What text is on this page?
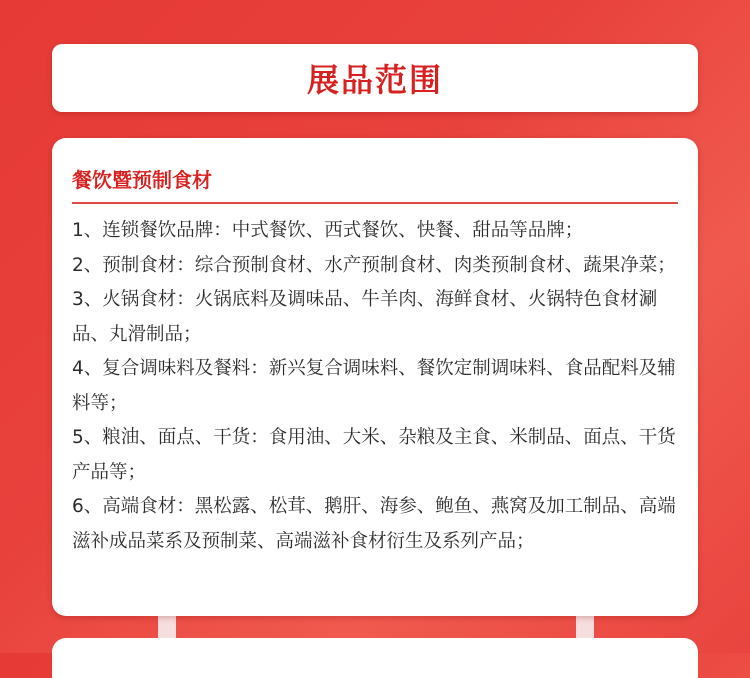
展品范围
餐饮暨预制食材

1、连锁餐饮品牌：中式餐饮、西式餐饮、快餐、甜品等品牌；

2、预制食材：综合预制食材、水产预制食材、肉类预制食材、蔬果净菜；

3、火锅食材：火锅底料及调味品、牛羊肉、海鲜食材、火锅特色食材涮品、丸滑制品；

4、复合调味料及餐料：新兴复合调味料、餐饮定制调味料、食品配料及辅料等；

5、粮油、面点、干货：食用油、大米、杂粮及主食、米制品、面点、干货产品等；

6、高端食材：黑松露、松茸、鹅肝、海参、鲍鱼、燕窝及加工制品、高端滋补成品菜系及预制菜、高端滋补食材衍生及系列产品；
